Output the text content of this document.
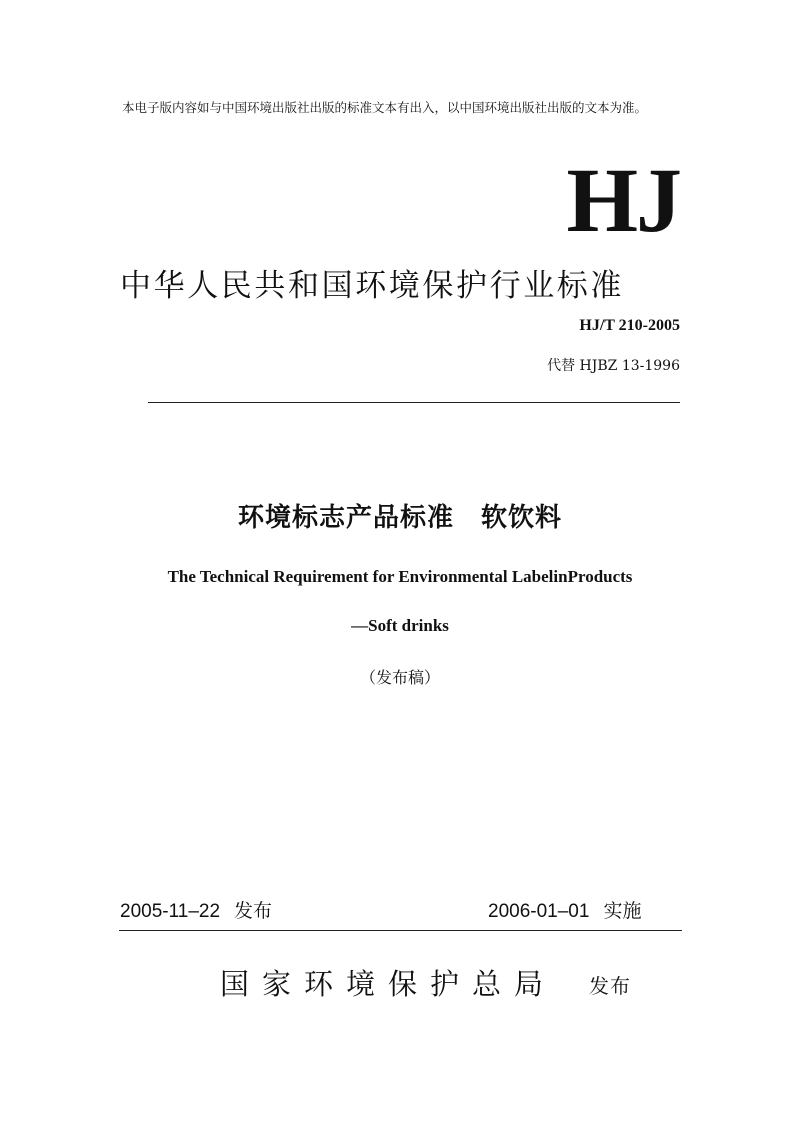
本电子版内容如与中国环境出版社出版的标准文本有出入，以中国环境出版社出版的文本为准。
HJ
中华人民共和国环境保护行业标准
HJ/T 210-2005
代替 HJBZ 13-1996
环境标志产品标准　软饮料
The Technical Requirement for Environmental LabelinProducts
—Soft drinks
（发布稿）
2005-11–22 发布	2006-01–01 实施
国家环境保护总局 发布
